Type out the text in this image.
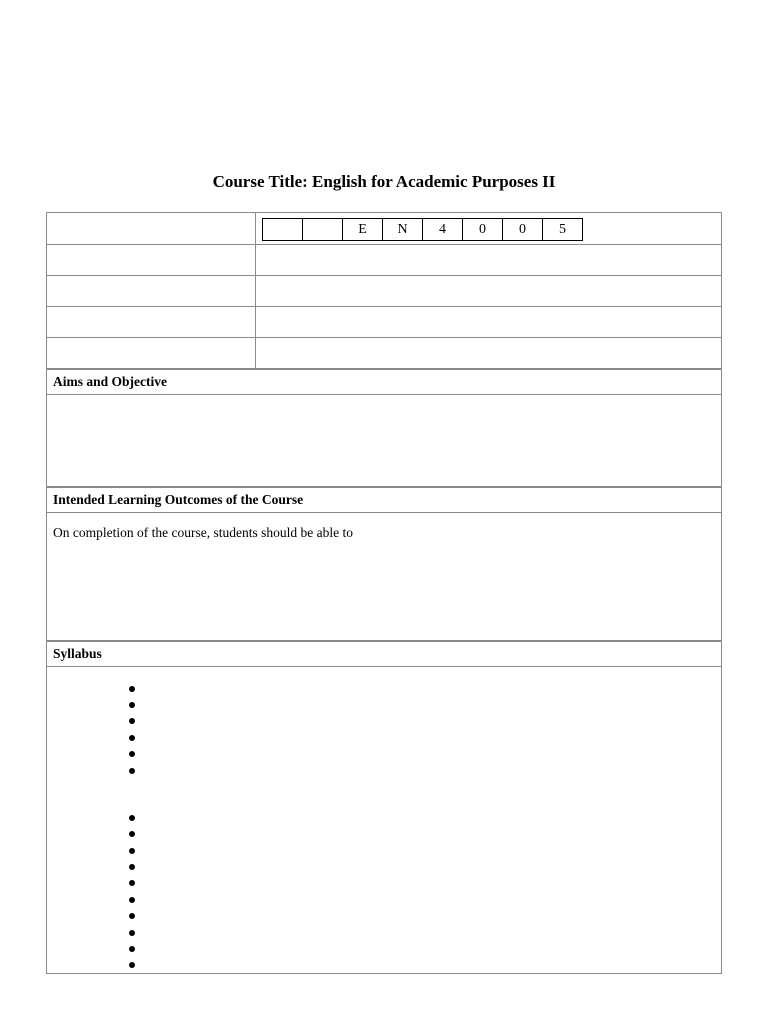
Course Title: English for Academic Purposes II
E	N	4	0	0	5
Aims and Objective
Intended Learning Outcomes of the Course
On completion of the course, students should be able to
Syllabus
